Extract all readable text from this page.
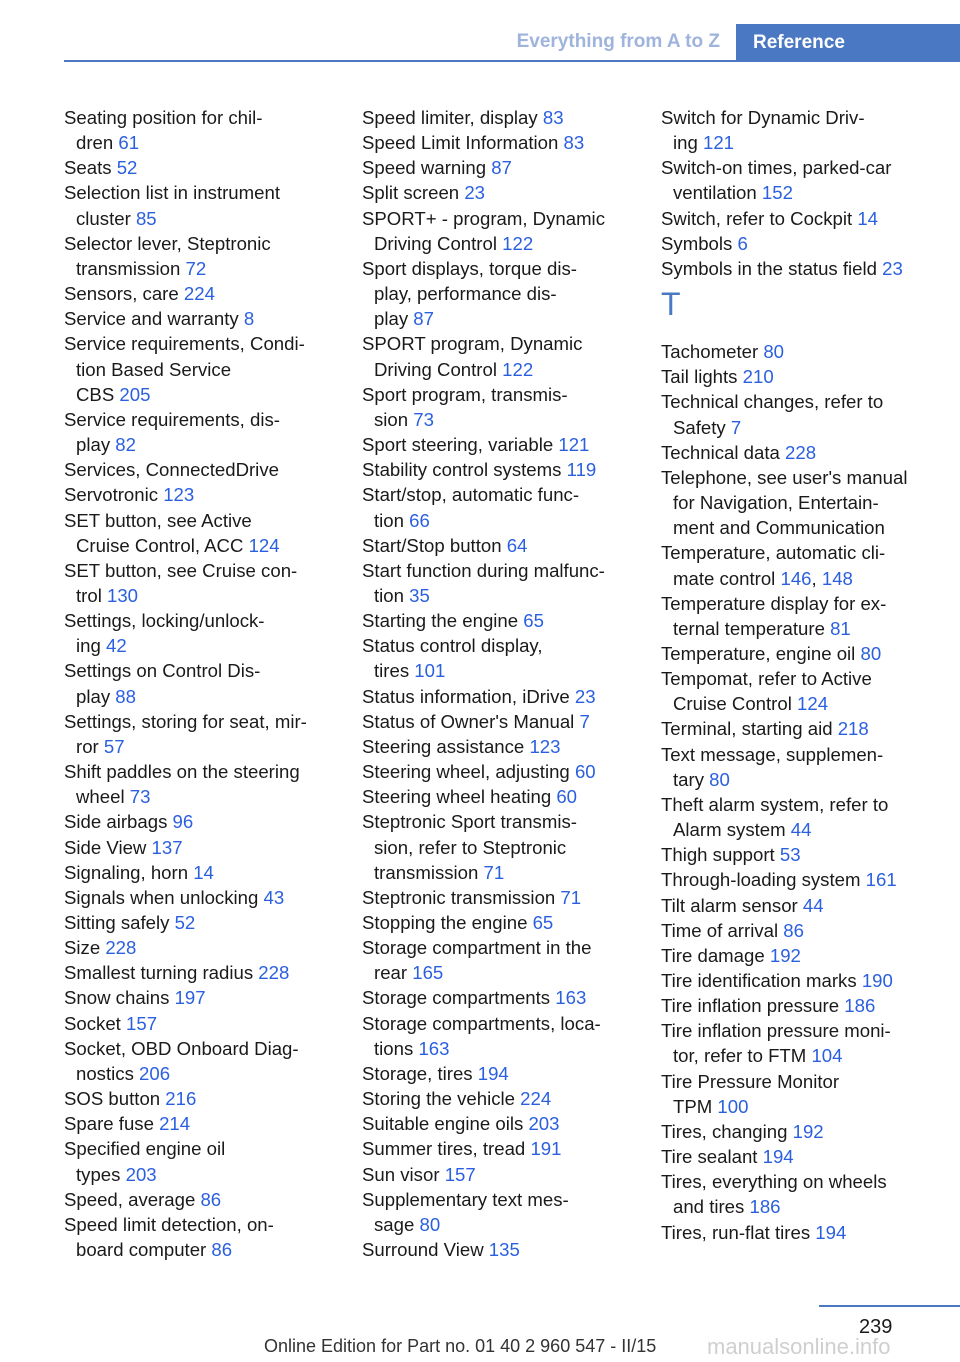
Everything from A to Z	Reference
Seating position for chil-
dren 61
Seats 52
Selection list in instrument
cluster 85
Selector lever, Steptronic
transmission 72
Sensors, care 224
Service and warranty 8
Service requirements, Condi-
tion Based Service
CBS 205
Service requirements, dis-
play 82
Services, ConnectedDrive
Servotronic 123
SET button, see Active
Cruise Control, ACC 124
SET button, see Cruise con-
trol 130
Settings, locking/unlock-
ing 42
Settings on Control Dis-
play 88
Settings, storing for seat, mir-
ror 57
Shift paddles on the steering
wheel 73
Side airbags 96
Side View 137
Signaling, horn 14
Signals when unlocking 43
Sitting safely 52
Size 228
Smallest turning radius 228
Snow chains 197
Socket 157
Socket, OBD Onboard Diag-
nostics 206
SOS button 216
Spare fuse 214
Specified engine oil
types 203
Speed, average 86
Speed limit detection, on-
board computer 86
Speed limiter, display 83
Speed Limit Information 83
Speed warning 87
Split screen 23
SPORT+ - program, Dynamic
Driving Control 122
Sport displays, torque dis-
play, performance dis-
play 87
SPORT program, Dynamic
Driving Control 122
Sport program, transmis-
sion 73
Sport steering, variable 121
Stability control systems 119
Start/stop, automatic func-
tion 66
Start/Stop button 64
Start function during malfunc-
tion 35
Starting the engine 65
Status control display,
tires 101
Status information, iDrive 23
Status of Owner's Manual 7
Steering assistance 123
Steering wheel, adjusting 60
Steering wheel heating 60
Steptronic Sport transmis-
sion, refer to Steptronic
transmission 71
Steptronic transmission 71
Stopping the engine 65
Storage compartment in the
rear 165
Storage compartments 163
Storage compartments, loca-
tions 163
Storage, tires 194
Storing the vehicle 224
Suitable engine oils 203
Summer tires, tread 191
Sun visor 157
Supplementary text mes-
sage 80
Surround View 135
Switch for Dynamic Driv-
ing 121
Switch-on times, parked-car
ventilation 152
Switch, refer to Cockpit 14
Symbols 6
Symbols in the status field 23
T
Tachometer 80
Tail lights 210
Technical changes, refer to
Safety 7
Technical data 228
Telephone, see user's manual
for Navigation, Entertain-
ment and Communication
Temperature, automatic cli-
mate control 146, 148
Temperature display for ex-
ternal temperature 81
Temperature, engine oil 80
Tempomat, refer to Active
Cruise Control 124
Terminal, starting aid 218
Text message, supplemen-
tary 80
Theft alarm system, refer to
Alarm system 44
Thigh support 53
Through-loading system 161
Tilt alarm sensor 44
Time of arrival 86
Tire damage 192
Tire identification marks 190
Tire inflation pressure 186
Tire inflation pressure moni-
tor, refer to FTM 104
Tire Pressure Monitor
TPM 100
Tires, changing 192
Tire sealant 194
Tires, everything on wheels
and tires 186
Tires, run-flat tires 194
239
Online Edition for Part no. 01 40 2 960 547 - II/15 manualsonline.info
